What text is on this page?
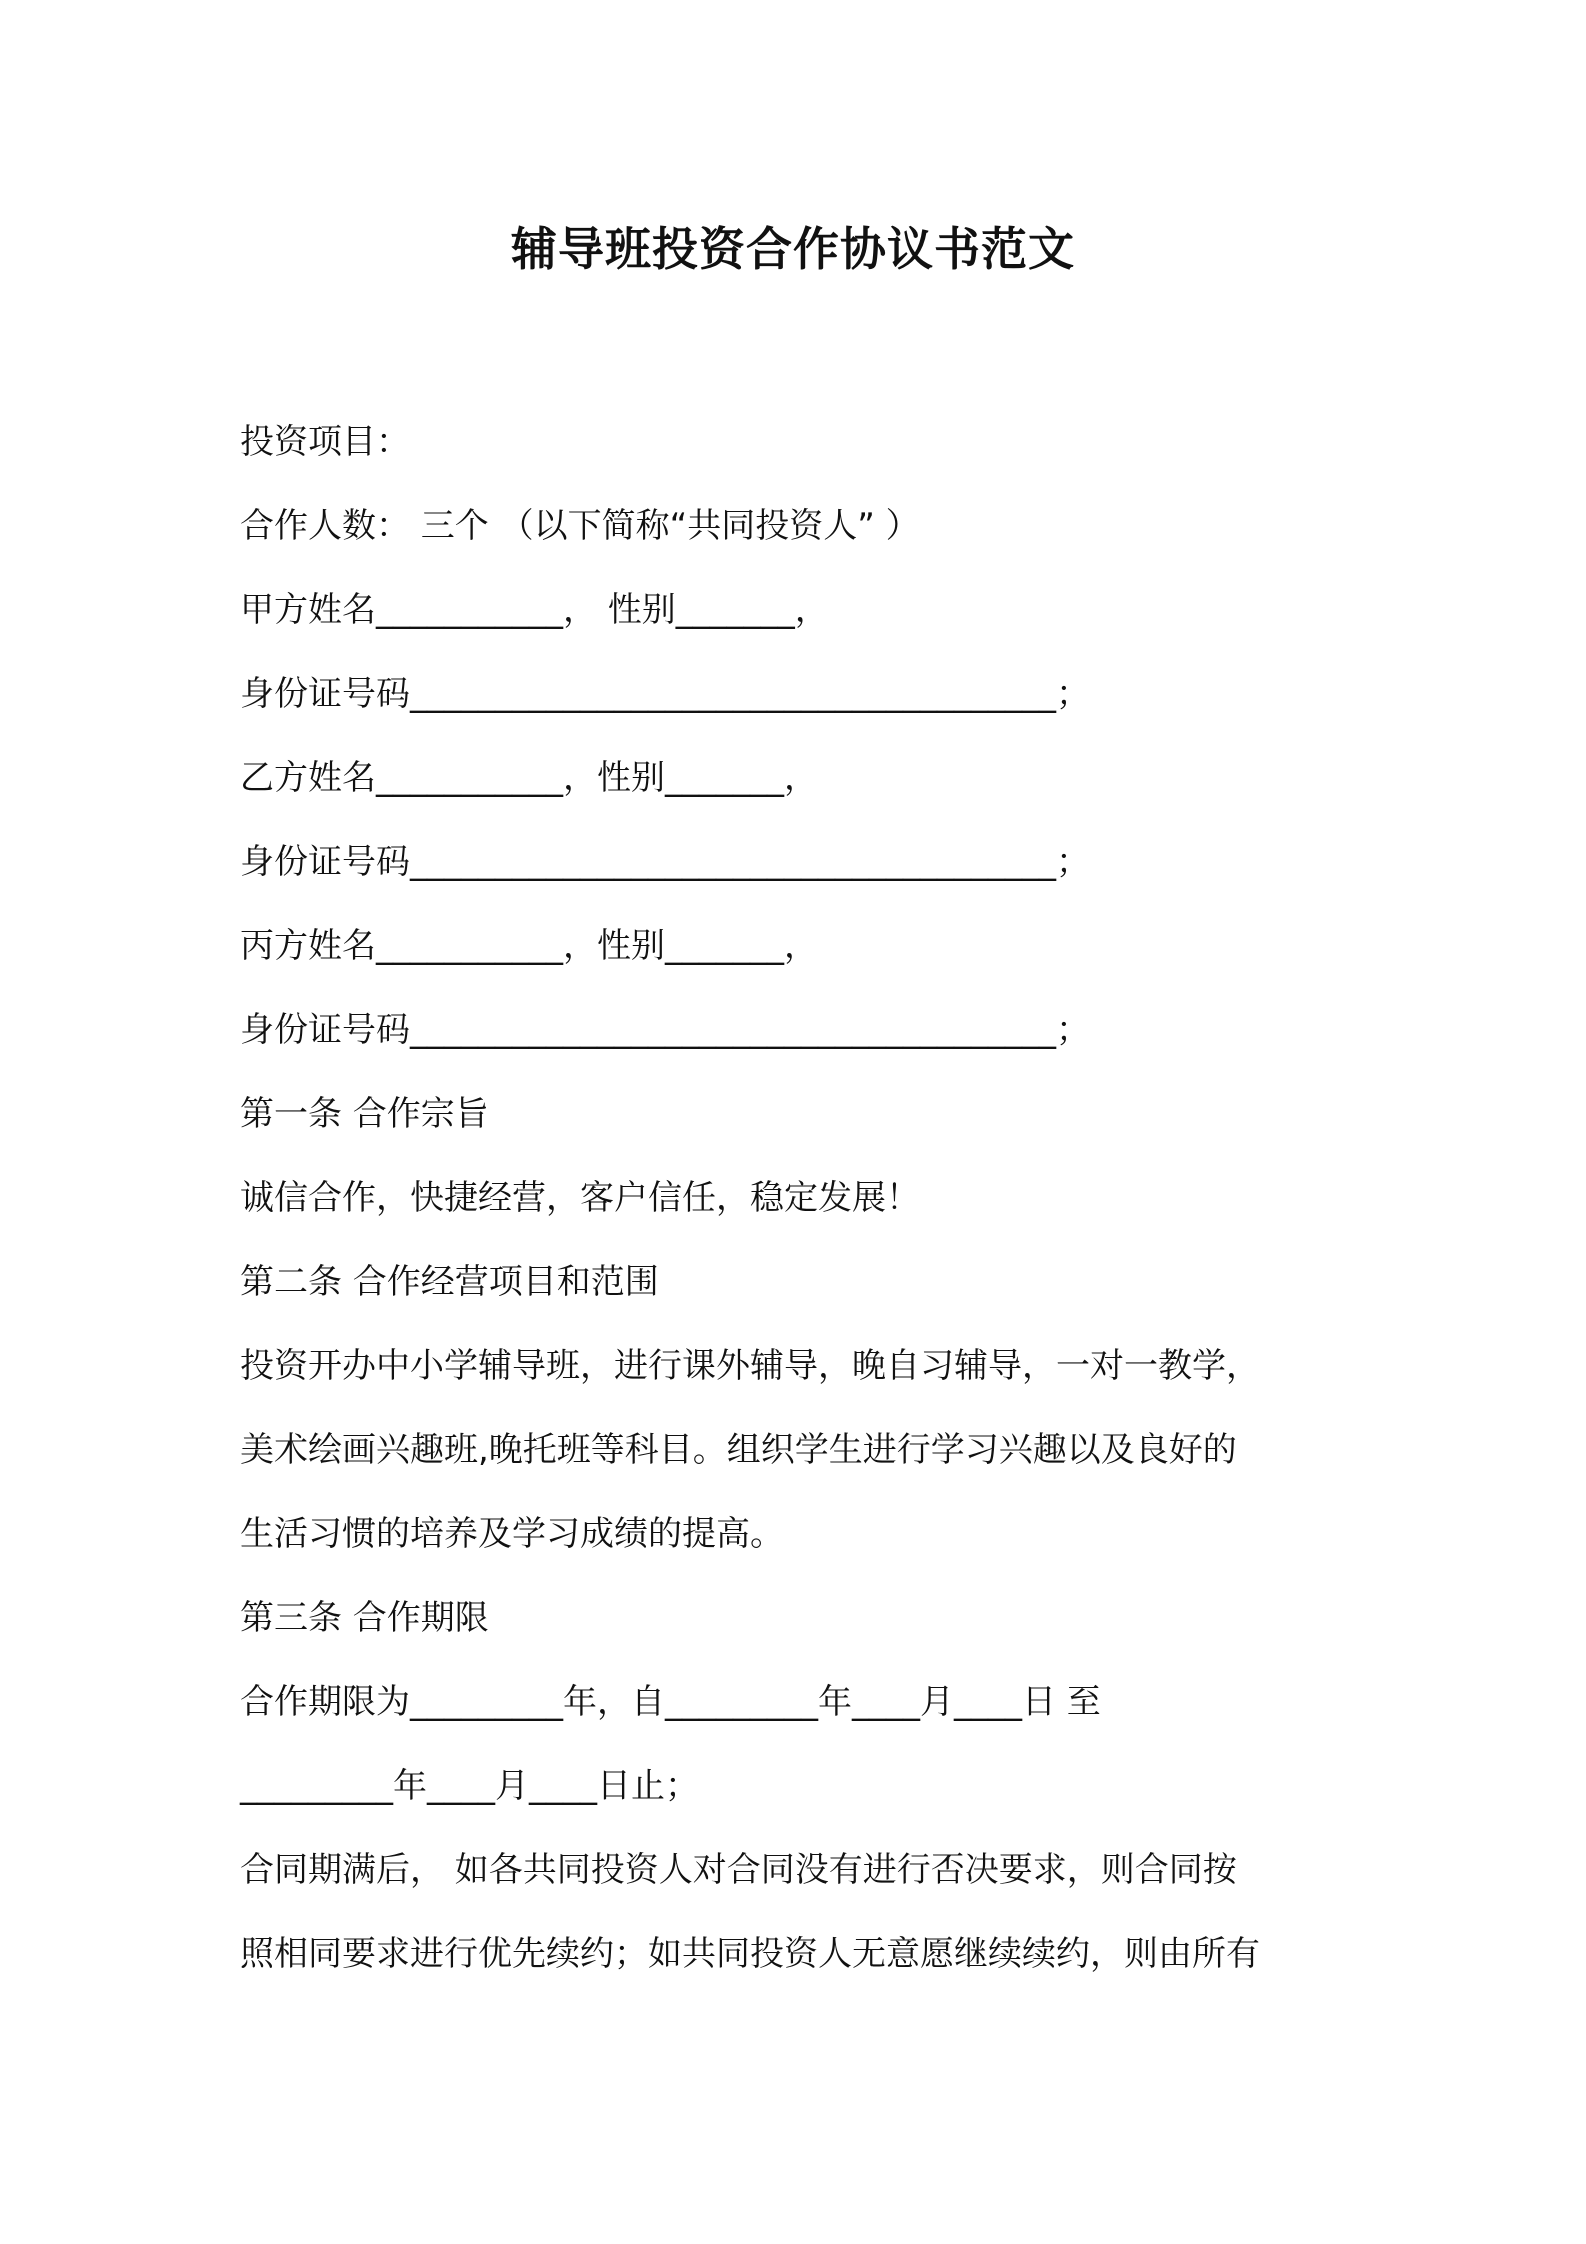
辅导班投资合作协议书范文

投资项目：

合作人数： 三个 （以下简称“共同投资人” ）

甲方姓名___________， 性别_______，

身份证号码______________________________________；

乙方姓名___________，性别_______，

身份证号码______________________________________；

丙方姓名___________，性别_______，

身份证号码______________________________________；

第一条 合作宗旨

诚信合作，快捷经营，客户信任，稳定发展！

第二条 合作经营项目和范围

投资开办中小学辅导班，进行课外辅导，晚自习辅导，一对一教学，

美术绘画兴趣班,晚托班等科目。组织学生进行学习兴趣以及良好的

生活习惯的培养及学习成绩的提高。

第三条 合作期限

合作期限为_________年，自_________年____月____日 至

_________年____月____日止；

合同期满后， 如各共同投资人对合同没有进行否决要求，则合同按

照相同要求进行优先续约；如共同投资人无意愿继续续约，则由所有
